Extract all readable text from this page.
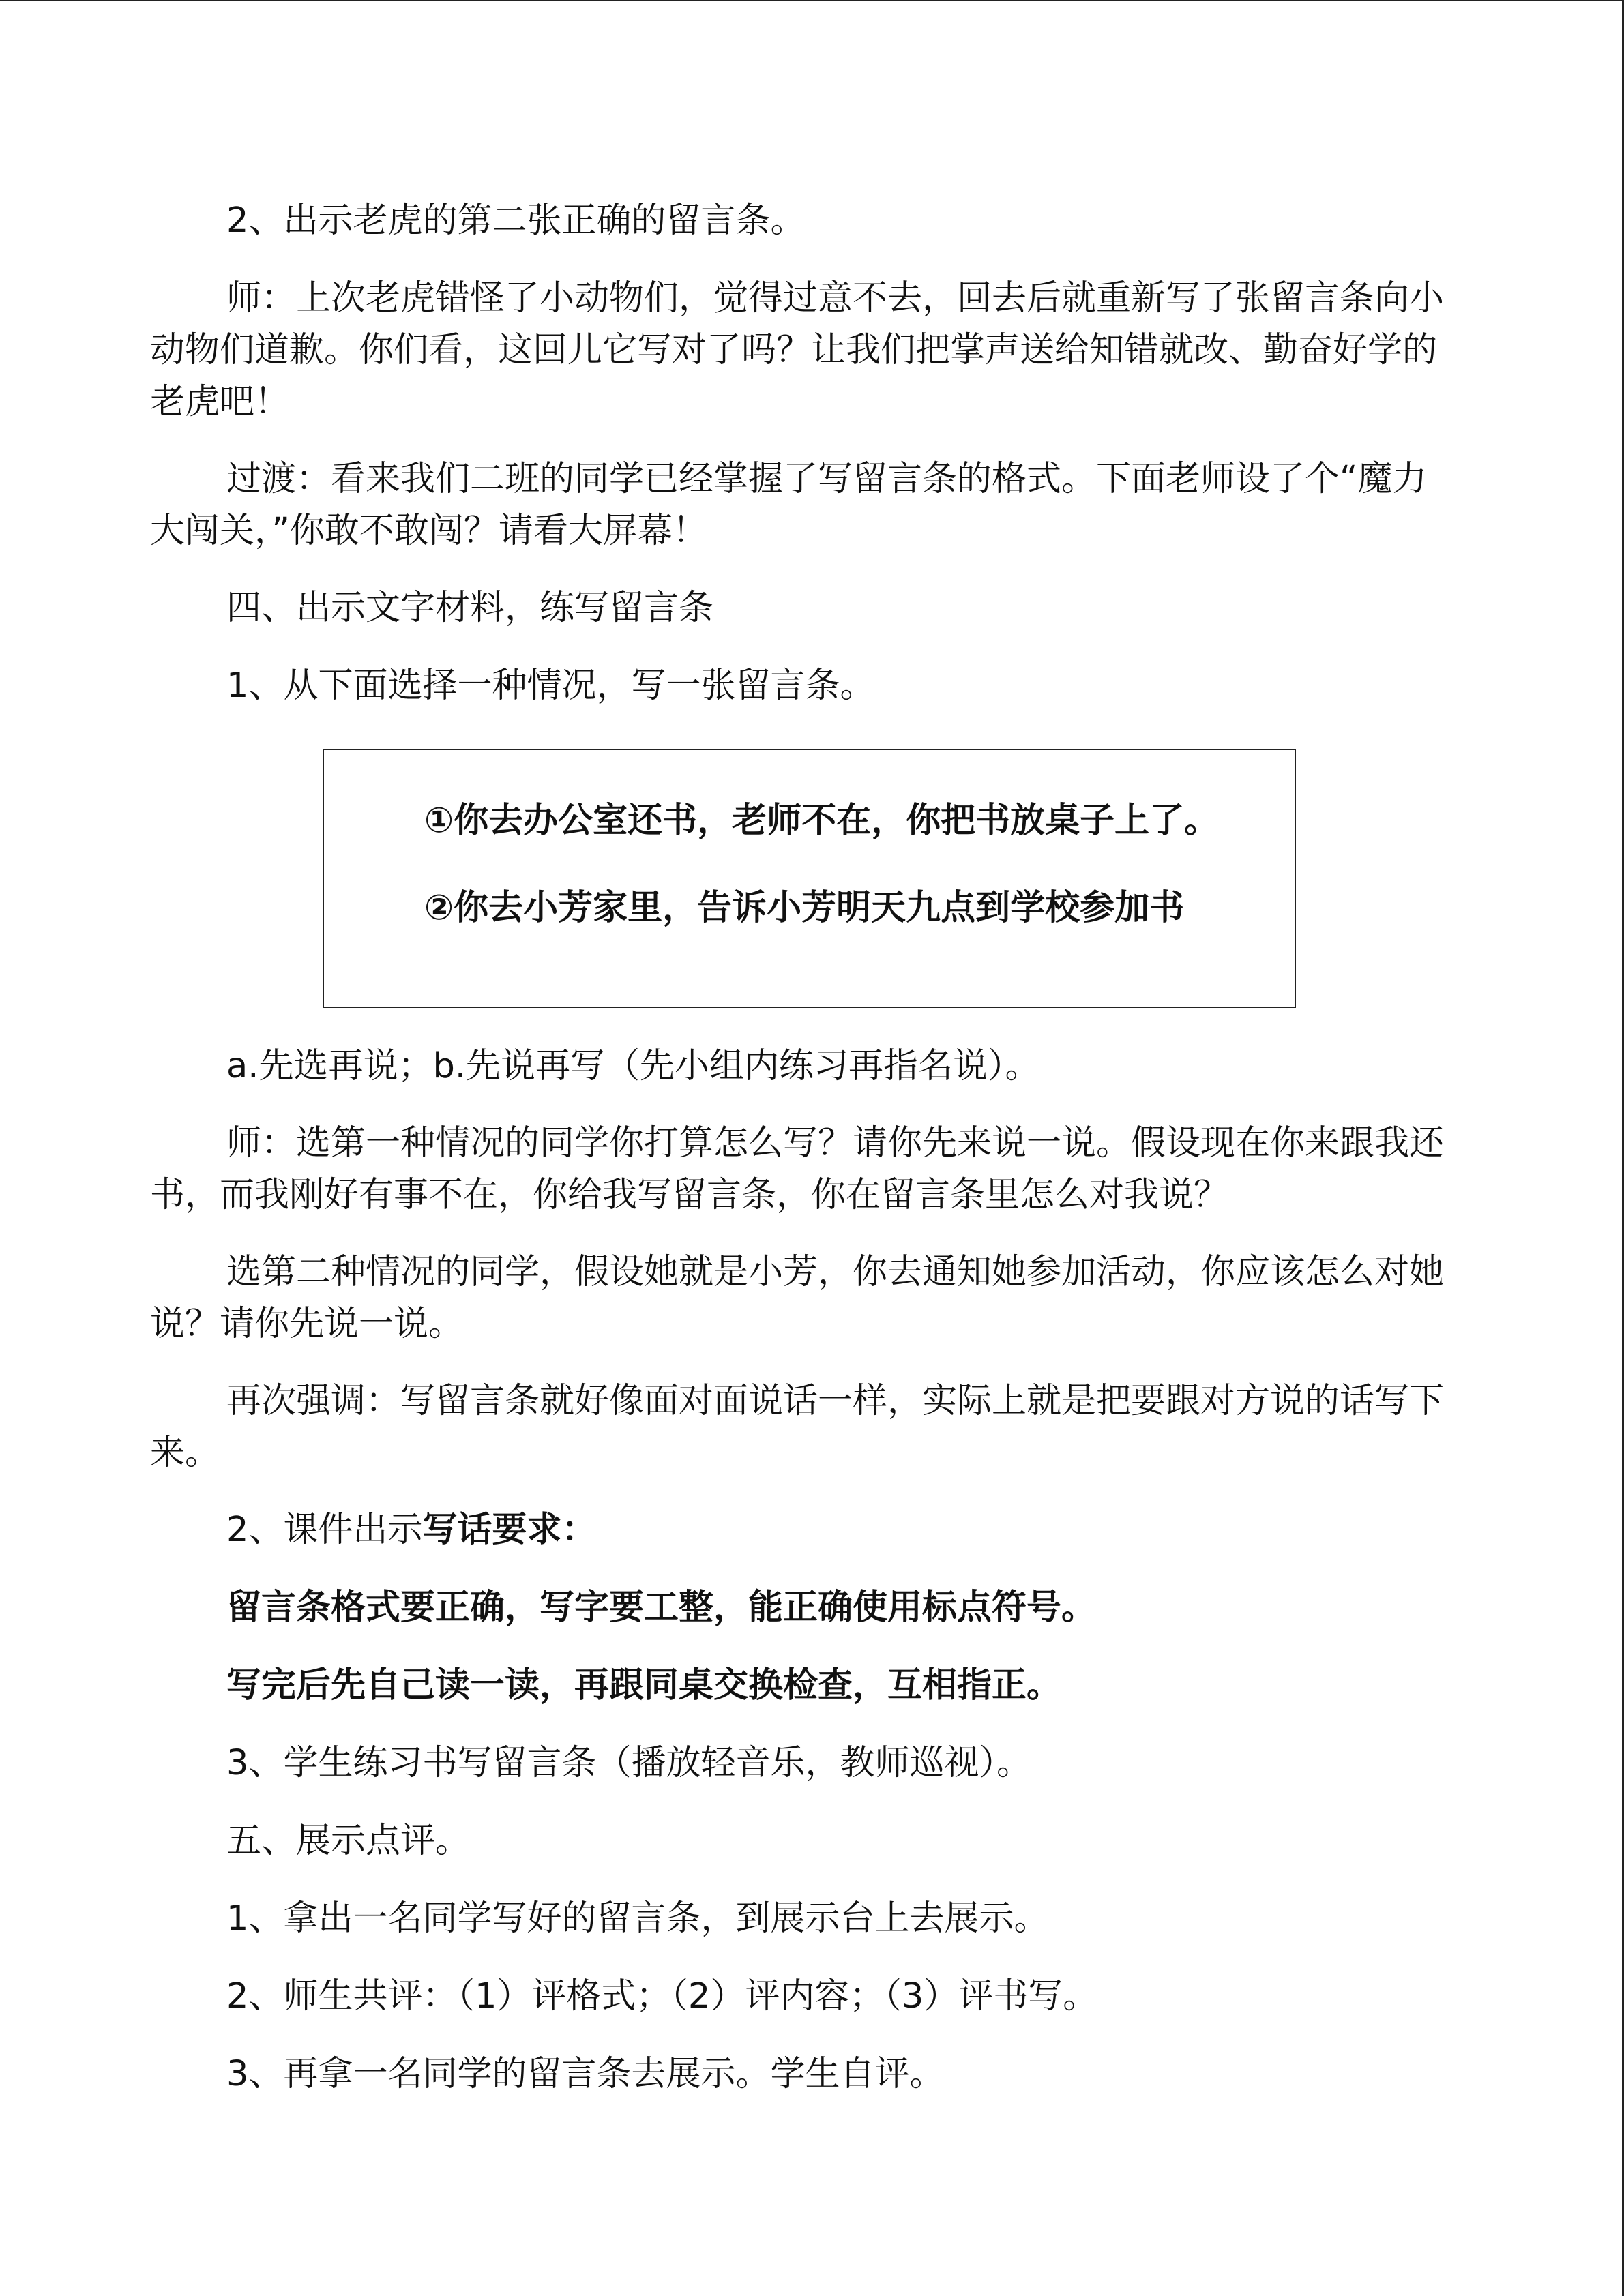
2、出示老虎的第二张正确的留言条。

师：上次老虎错怪了小动物们，觉得过意不去，回去后就重新写了张留言条向小动物们道歉。你们看，这回儿它写对了吗？让我们把掌声送给知错就改、勤奋好学的老虎吧！

过渡：看来我们二班的同学已经掌握了写留言条的格式。下面老师设了个“魔力大闯关，”你敢不敢闯？请看大屏幕！

四、出示文字材料，练写留言条

1、从下面选择一种情况，写一张留言条。

①你去办公室还书，老师不在，你把书放桌子上了。

②你去小芳家里，告诉小芳明天九点到学校参加书

a.先选再说；b.先说再写（先小组内练习再指名说）。

师：选第一种情况的同学你打算怎么写？请你先来说一说。假设现在你来跟我还书，而我刚好有事不在，你给我写留言条，你在留言条里怎么对我说？

选第二种情况的同学，假设她就是小芳，你去通知她参加活动，你应该怎么对她说？请你先说一说。

再次强调：写留言条就好像面对面说话一样，实际上就是把要跟对方说的话写下来。

2、课件出示写话要求：

留言条格式要正确，写字要工整，能正确使用标点符号。

写完后先自己读一读，再跟同桌交换检查，互相指正。

3、学生练习书写留言条（播放轻音乐，教师巡视）。

五、展示点评。

1、拿出一名同学写好的留言条，到展示台上去展示。

2、师生共评：（1）评格式；（2）评内容；（3）评书写。

3、再拿一名同学的留言条去展示。学生自评。
